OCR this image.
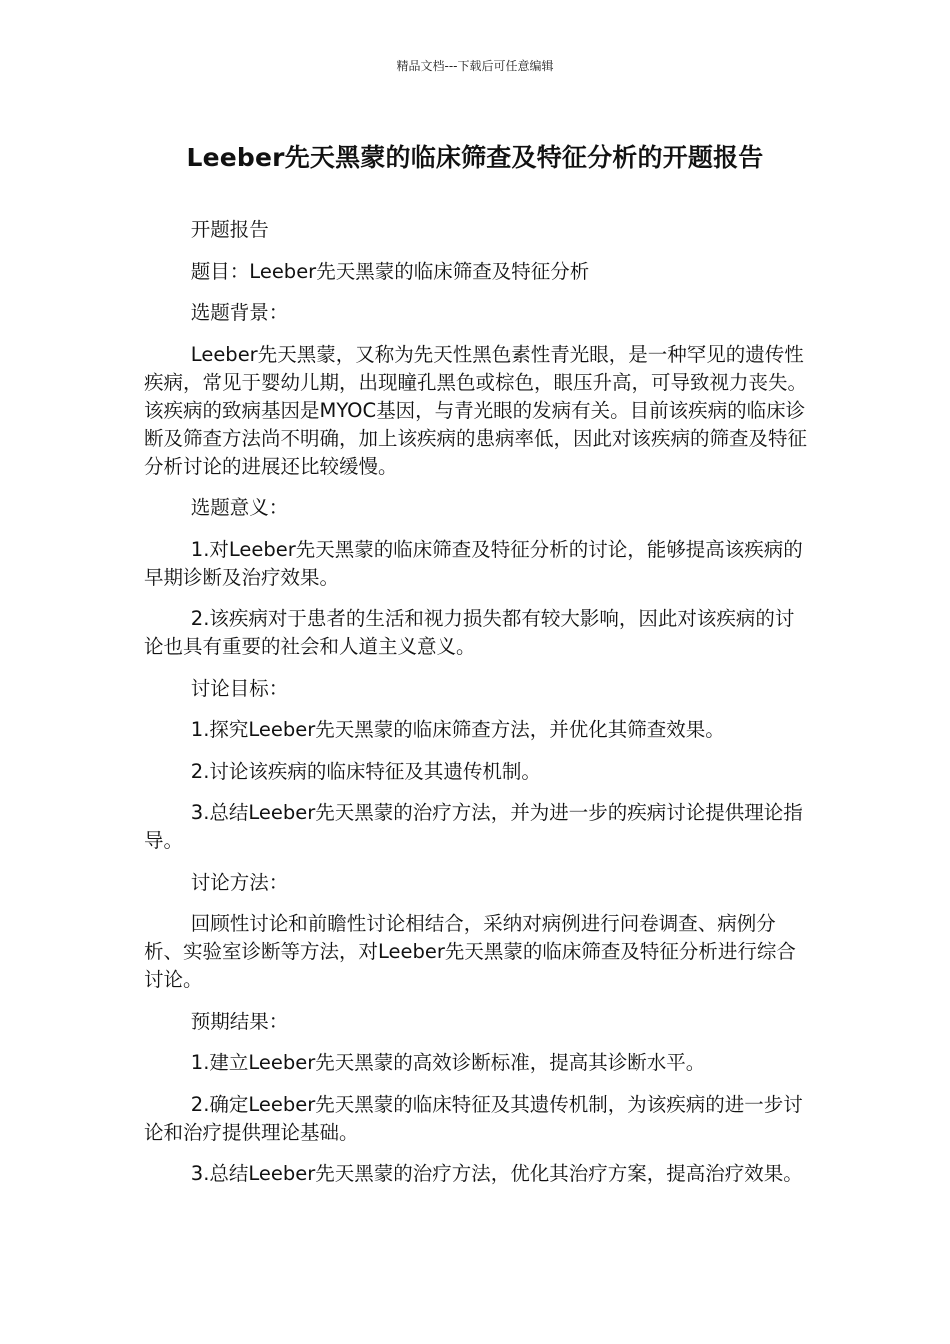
精品文档---下载后可任意编辑
Leeber先天黑蒙的临床筛查及特征分析的开题报告

开题报告

题目：Leeber先天黑蒙的临床筛查及特征分析

选题背景：

Leeber先天黑蒙，又称为先天性黑色素性青光眼，是一种罕见的遗传性疾病，常见于婴幼儿期，出现瞳孔黑色或棕色，眼压升高，可导致视力丧失。该疾病的致病基因是MYOC基因，与青光眼的发病有关。目前该疾病的临床诊断及筛查方法尚不明确，加上该疾病的患病率低，因此对该疾病的筛查及特征分析讨论的进展还比较缓慢。

选题意义：

1.对Leeber先天黑蒙的临床筛查及特征分析的讨论，能够提高该疾病的早期诊断及治疗效果。

2.该疾病对于患者的生活和视力损失都有较大影响，因此对该疾病的讨论也具有重要的社会和人道主义意义。

讨论目标：

1.探究Leeber先天黑蒙的临床筛查方法，并优化其筛查效果。

2.讨论该疾病的临床特征及其遗传机制。

3.总结Leeber先天黑蒙的治疗方法，并为进一步的疾病讨论提供理论指导。

讨论方法：

回顾性讨论和前瞻性讨论相结合，采纳对病例进行问卷调查、病例分析、实验室诊断等方法，对Leeber先天黑蒙的临床筛查及特征分析进行综合讨论。

预期结果：

1.建立Leeber先天黑蒙的高效诊断标准，提高其诊断水平。

2.确定Leeber先天黑蒙的临床特征及其遗传机制，为该疾病的进一步讨论和治疗提供理论基础。

3.总结Leeber先天黑蒙的治疗方法，优化其治疗方案，提高治疗效果。
